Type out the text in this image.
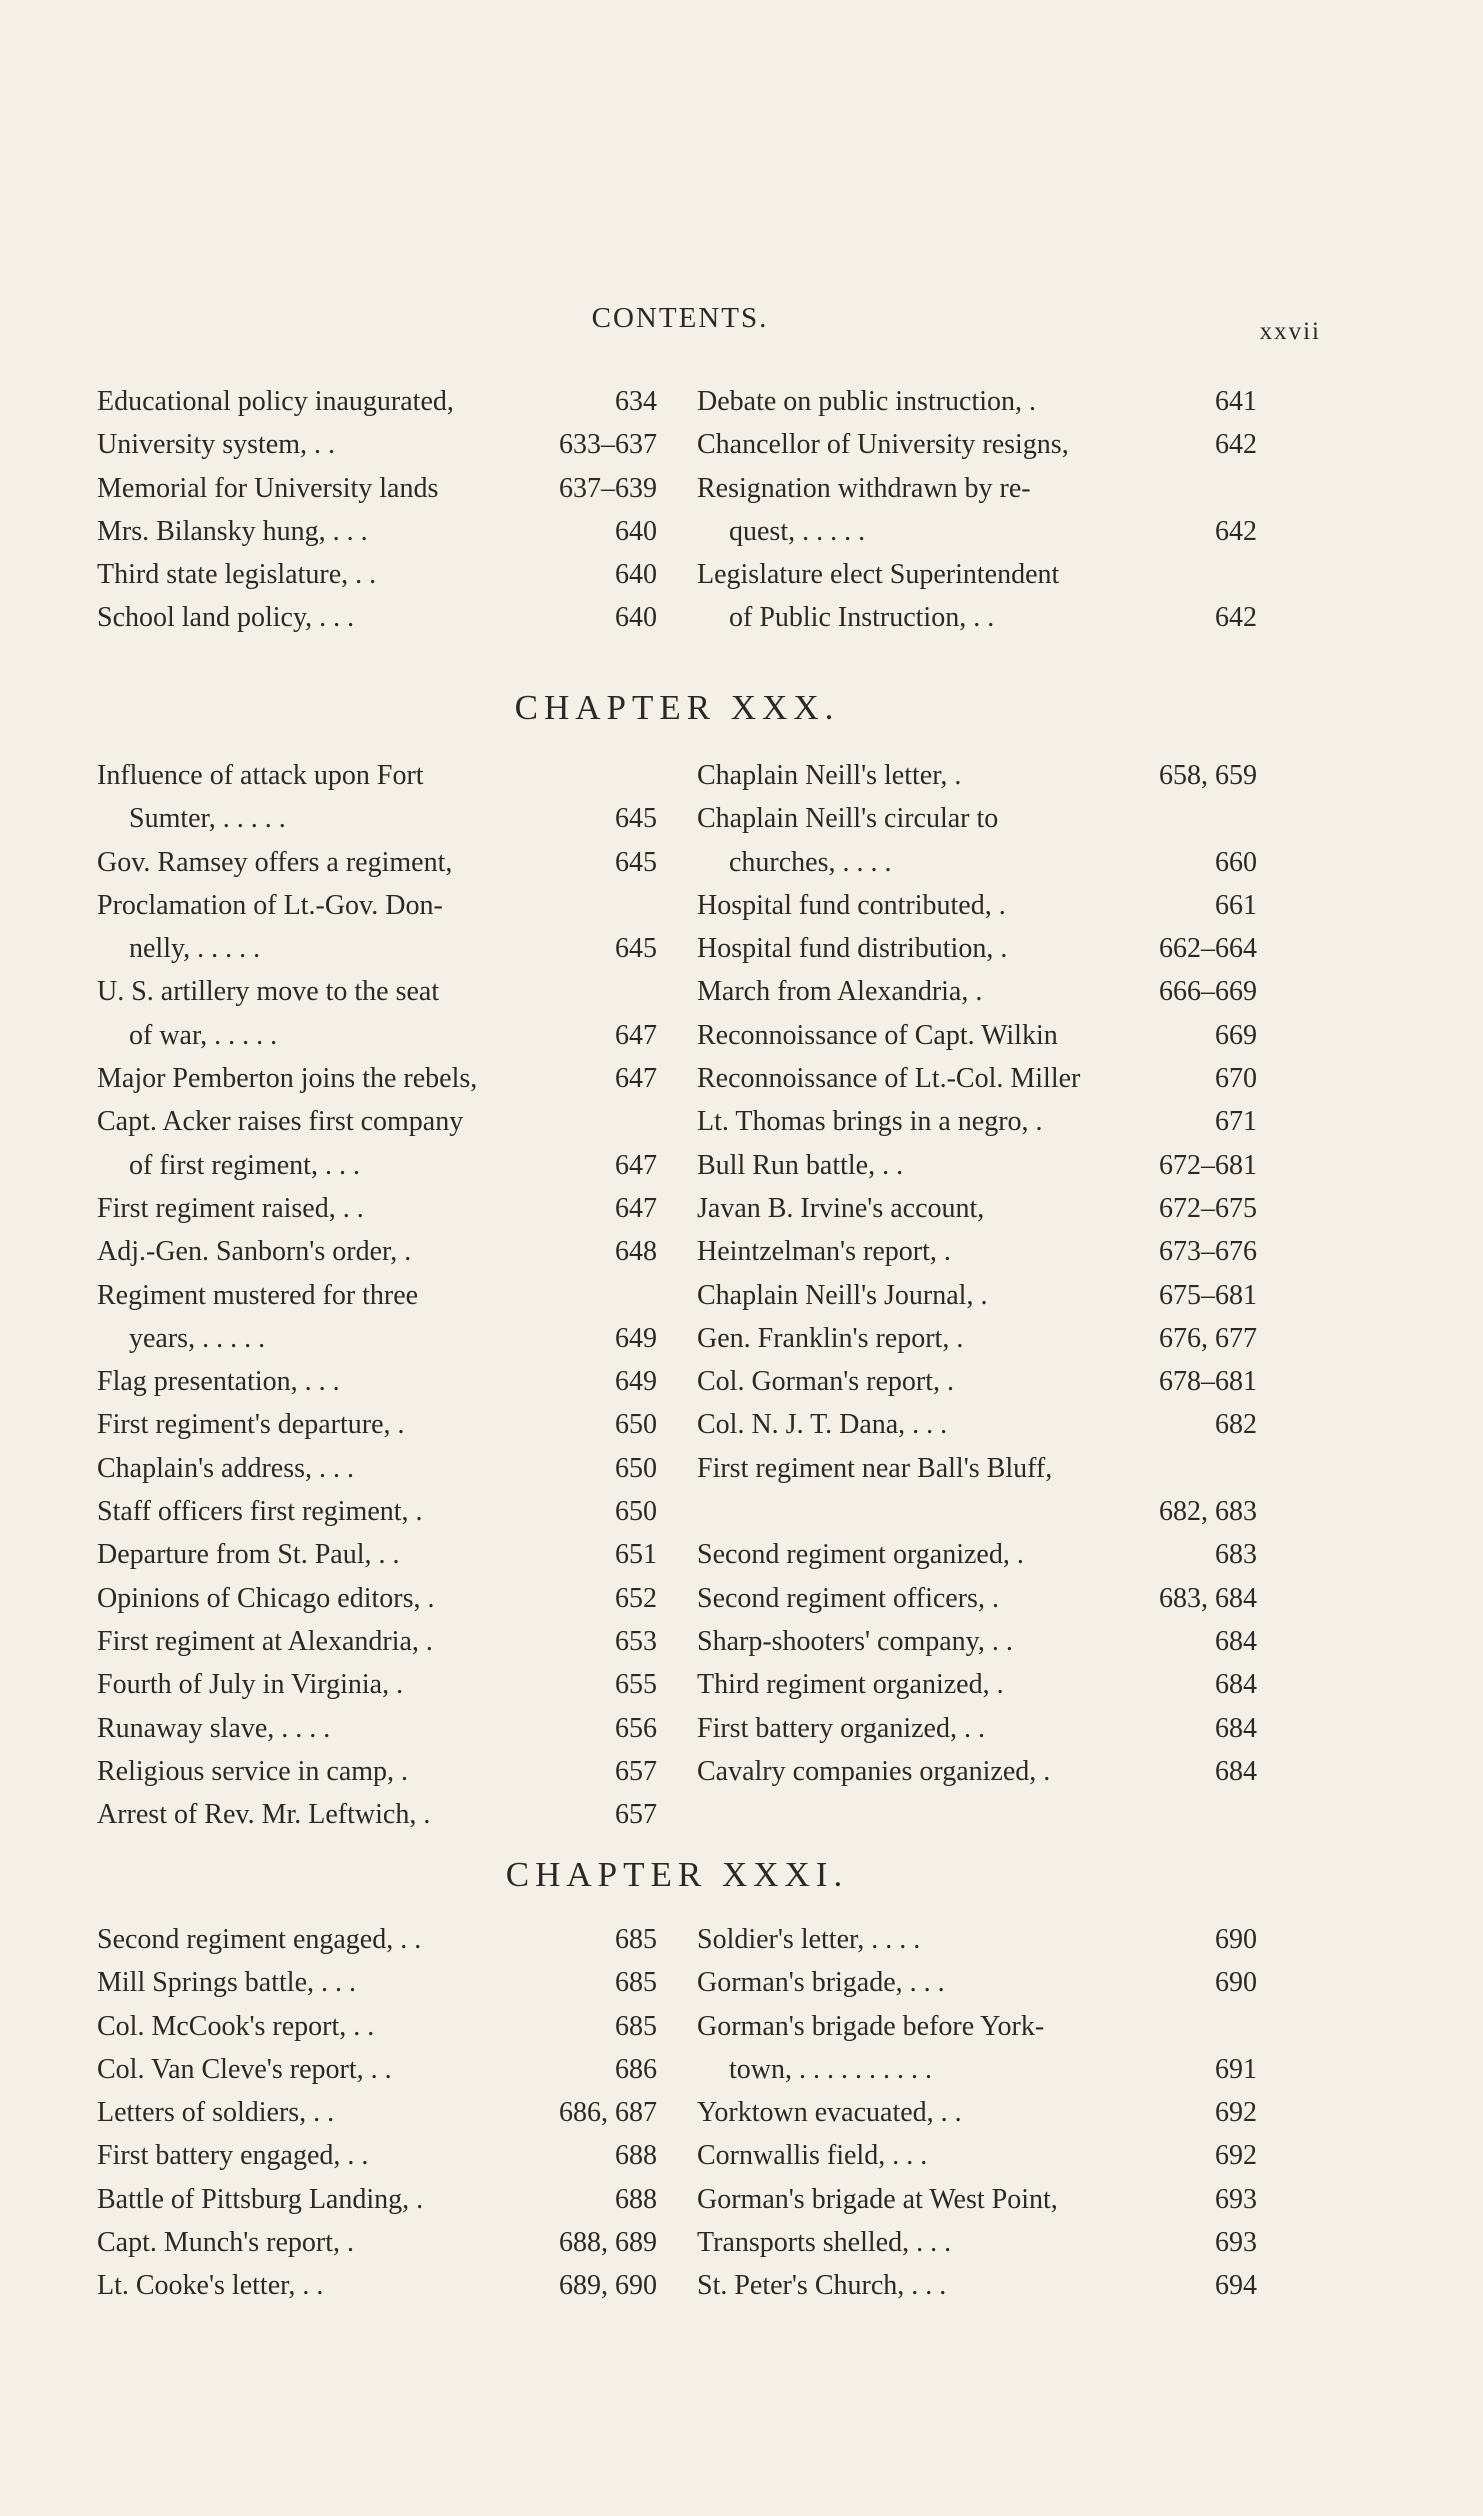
CONTENTS.	xxvii
Educational policy inaugurated,	634
University system, . .	633–637
Memorial for University lands	637–639
Mrs. Bilansky hung, . . .	640
Third state legislature, . .	640
School land policy, . . .	640
Debate on public instruction, .	641
Chancellor of University resigns,	642
Resignation withdrawn by re-
quest, . . . . .	642
Legislature elect Superintendent
of Public Instruction, . .	642
CHAPTER XXX.
Influence of attack upon Fort
Sumter, . . . . .	645
Gov. Ramsey offers a regiment,	645
Proclamation of Lt.-Gov. Don-
nelly, . . . . .	645
U. S. artillery move to the seat
of war, . . . . .	647
Major Pemberton joins the rebels,	647
Capt. Acker raises first company
of first regiment, . . .	647
First regiment raised, . .	647
Adj.-Gen. Sanborn's order, .	648
Regiment mustered for three
years, . . . . .	649
Flag presentation, . . .	649
First regiment's departure, .	650
Chaplain's address, . . .	650
Staff officers first regiment, .	650
Departure from St. Paul, . .	651
Opinions of Chicago editors, .	652
First regiment at Alexandria, .	653
Fourth of July in Virginia, .	655
Runaway slave, . . . .	656
Religious service in camp, .	657
Arrest of Rev. Mr. Leftwich, .	657
Chaplain Neill's letter, .	658, 659
Chaplain Neill's circular to
churches, . . . .	660
Hospital fund contributed, .	661
Hospital fund distribution, .	662–664
March from Alexandria, .	666–669
Reconnoissance of Capt. Wilkin	669
Reconnoissance of Lt.-Col. Miller	670
Lt. Thomas brings in a negro, .	671
Bull Run battle, . .	672–681
Javan B. Irvine's account,	672–675
Heintzelman's report, .	673–676
Chaplain Neill's Journal, .	675–681
Gen. Franklin's report, .	676, 677
Col. Gorman's report, .	678–681
Col. N. J. T. Dana, . . .	682
First regiment near Ball's Bluff,
682, 683
Second regiment organized, .	683
Second regiment officers, .	683, 684
Sharp-shooters' company, . .	684
Third regiment organized, .	684
First battery organized, . .	684
Cavalry companies organized, .	684
CHAPTER XXXI.
Second regiment engaged, . .	685
Mill Springs battle, . . .	685
Col. McCook's report, . .	685
Col. Van Cleve's report, . .	686
Letters of soldiers, . .	686, 687
First battery engaged, . .	688
Battle of Pittsburg Landing, .	688
Capt. Munch's report, .	688, 689
Lt. Cooke's letter, . .	689, 690
Soldier's letter, . . . .	690
Gorman's brigade, . . .	690
Gorman's brigade before York-
town, . . . . . . . . . .	691
Yorktown evacuated, . .	692
Cornwallis field, . . .	692
Gorman's brigade at West Point,	693
Transports shelled, . . .	693
St. Peter's Church, . . .	694
